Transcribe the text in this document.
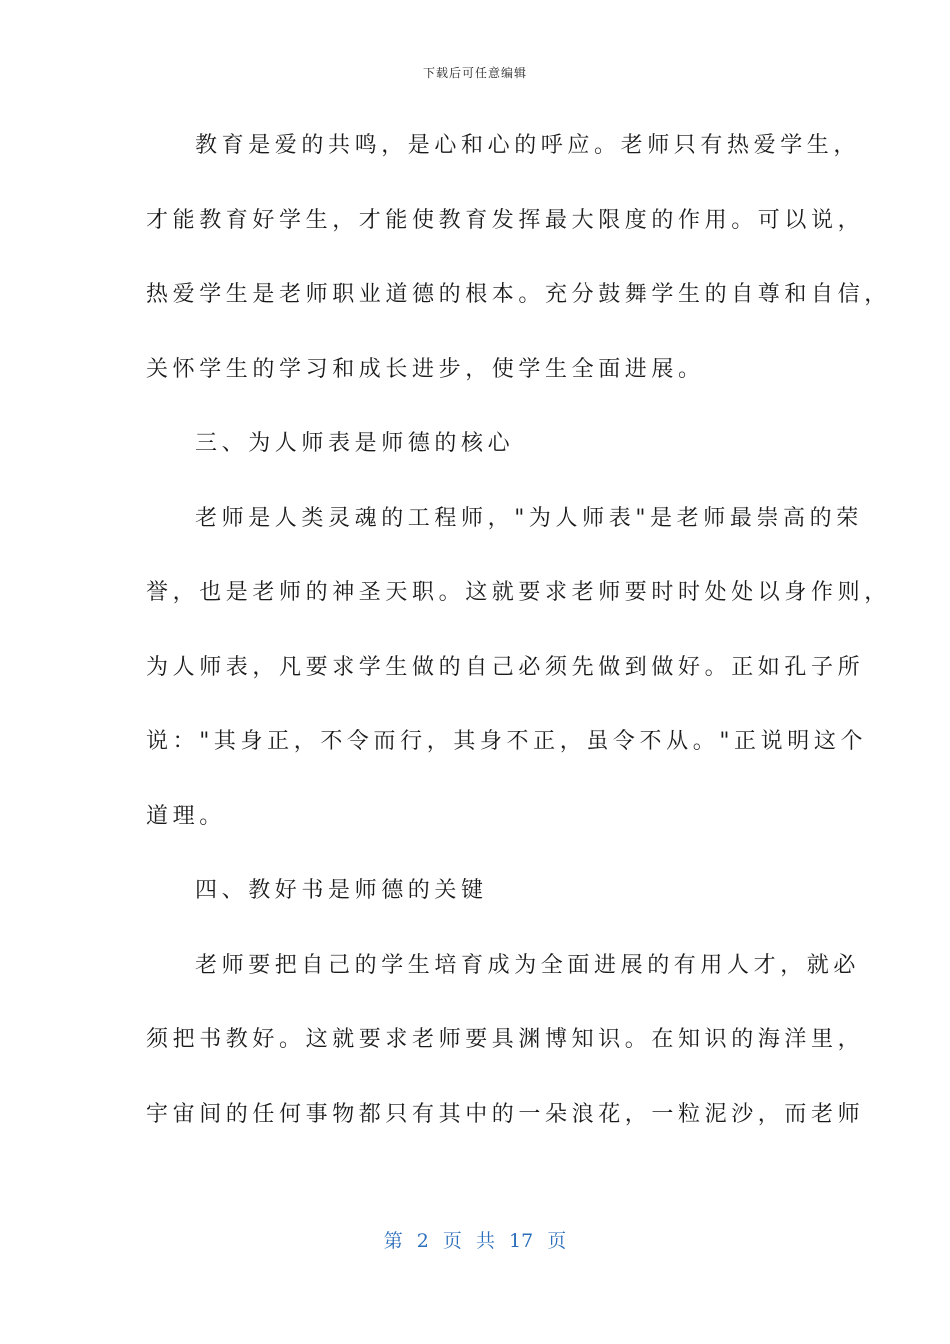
下载后可任意编辑
教育是爱的共鸣，是心和心的呼应。老师只有热爱学生，
才能教育好学生，才能使教育发挥最大限度的作用。可以说，
热爱学生是老师职业道德的根本。充分鼓舞学生的自尊和自信，
关怀学生的学习和成长进步，使学生全面进展。
三、为人师表是师德的核心
老师是人类灵魂的工程师，"为人师表"是老师最崇高的荣
誉，也是老师的神圣天职。这就要求老师要时时处处以身作则，
为人师表，凡要求学生做的自己必须先做到做好。正如孔子所
说："其身正，不令而行，其身不正，虽令不从。"正说明这个
道理。
四、教好书是师德的关键
老师要把自己的学生培育成为全面进展的有用人才，就必
须把书教好。这就要求老师要具渊博知识。在知识的海洋里，
宇宙间的任何事物都只有其中的一朵浪花，一粒泥沙，而老师
第 2 页 共 17 页
